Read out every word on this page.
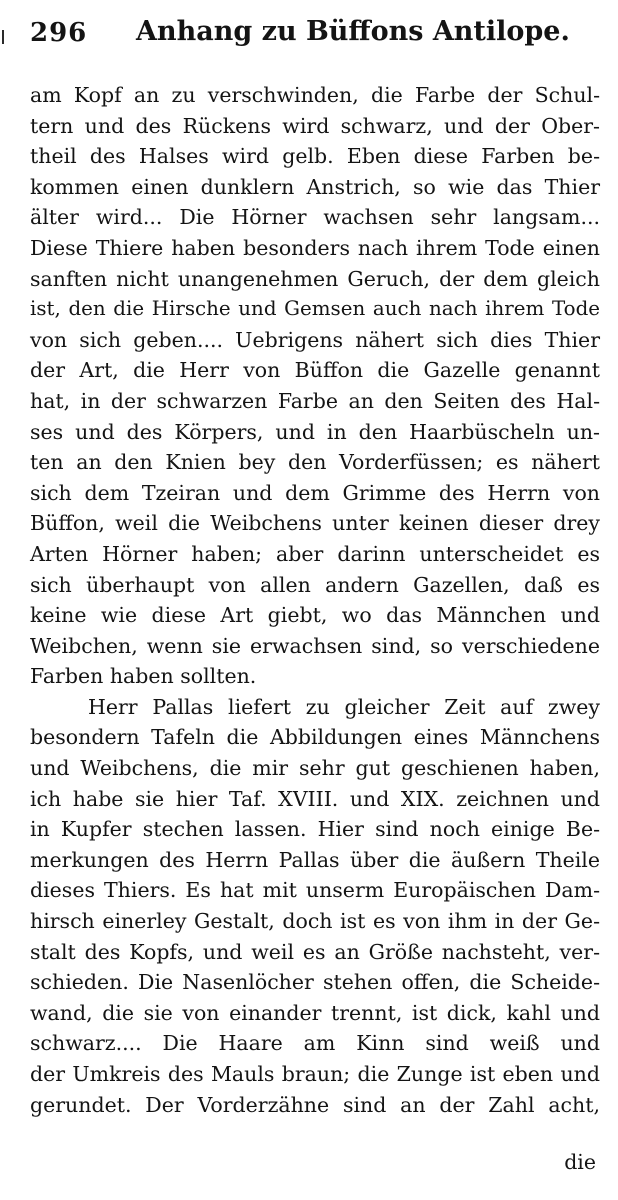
296 Anhang zu Büffons Antilope.
am Kopf an zu verschwinden, die Farbe der Schul-
tern und des Rückens wird schwarz, und der Ober-
theil des Halses wird gelb. Eben diese Farben be-
kommen einen dunklern Anstrich, so wie das Thier
älter wird... Die Hörner wachsen sehr langsam...
Diese Thiere haben besonders nach ihrem Tode einen
sanften nicht unangenehmen Geruch, der dem gleich
ist, den die Hirsche und Gemsen auch nach ihrem Tode
von sich geben.... Uebrigens nähert sich dies Thier
der Art, die Herr von Büffon die Gazelle genannt
hat, in der schwarzen Farbe an den Seiten des Hal-
ses und des Körpers, und in den Haarbüscheln un-
ten an den Knien bey den Vorderfüssen; es nähert
sich dem Tzeiran und dem Grimme des Herrn von
Büffon, weil die Weibchens unter keinen dieser drey
Arten Hörner haben; aber darinn unterscheidet es
sich überhaupt von allen andern Gazellen, daß es
keine wie diese Art giebt, wo das Männchen und
Weibchen, wenn sie erwachsen sind, so verschiedene
Farben haben sollten.
Herr Pallas liefert zu gleicher Zeit auf zwey
besondern Tafeln die Abbildungen eines Männchens
und Weibchens, die mir sehr gut geschienen haben,
ich habe sie hier Taf. XVIII. und XIX. zeichnen und
in Kupfer stechen lassen. Hier sind noch einige Be-
merkungen des Herrn Pallas über die äußern Theile
dieses Thiers. Es hat mit unserm Europäischen Dam-
hirsch einerley Gestalt, doch ist es von ihm in der Ge-
stalt des Kopfs, und weil es an Größe nachsteht, ver-
schieden. Die Nasenlöcher stehen offen, die Scheide-
wand, die sie von einander trennt, ist dick, kahl und
schwarz.... Die Haare am Kinn sind weiß und
der Umkreis des Mauls braun; die Zunge ist eben und
gerundet. Der Vorderzähne sind an der Zahl acht,
die
